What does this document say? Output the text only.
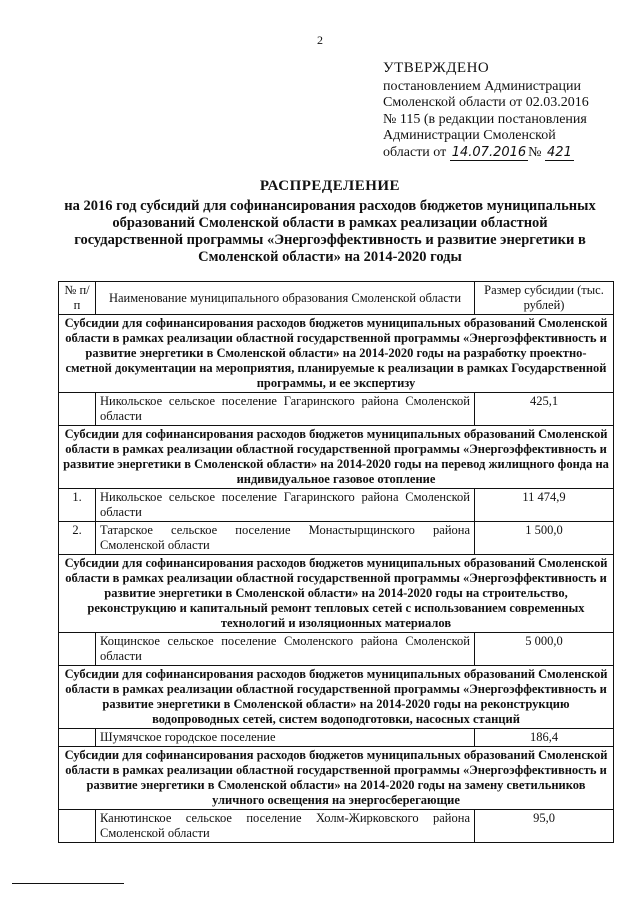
2
УТВЕРЖДЕНО
постановлением Администрации
Смоленской области от 02.03.2016
№ 115 (в редакции постановления
Администрации Смоленской
области от 14.07.2016 № 421
РАСПРЕДЕЛЕНИЕ
на 2016 год субсидий для софинансирования расходов бюджетов муниципальных образований Смоленской области в рамках реализации областной государственной программы «Энергоэффективность и развитие энергетики в Смоленской области» на 2014-2020 годы
№ п/п	Наименование муниципального образования Смоленской области	Размер субсидии (тыс. рублей)
Субсидии для софинансирования расходов бюджетов муниципальных образований Смоленской области в рамках реализации областной государственной программы «Энергоэффективность и развитие энергетики в Смоленской области» на 2014-2020 годы на разработку проектно-сметной документации на мероприятия, планируемые к реализации в рамках Государственной программы, и ее экспертизу		
	Никольское сельское поселение Гагаринского района Смоленской области	425,1
Субсидии для софинансирования расходов бюджетов муниципальных образований Смоленской области в рамках реализации областной государственной программы «Энергоэффективность и развитие энергетики в Смоленской области» на 2014-2020 годы на перевод жилищного фонда на индивидуальное газовое отопление		
1.	Никольское сельское поселение Гагаринского района Смоленской области	11 474,9
2.	Татарское сельское поселение Монастырщинского района Смоленской области	1 500,0
Субсидии для софинансирования расходов бюджетов муниципальных образований Смоленской области в рамках реализации областной государственной программы «Энергоэффективность и развитие энергетики в Смоленской области» на 2014-2020 годы на строительство, реконструкцию и капитальный ремонт тепловых сетей с использованием современных технологий и изоляционных материалов		
	Кощинское сельское поселение Смоленского района Смоленской области	5 000,0
Субсидии для софинансирования расходов бюджетов муниципальных образований Смоленской области в рамках реализации областной государственной программы «Энергоэффективность и развитие энергетики в Смоленской области» на 2014-2020 годы на реконструкцию водопроводных сетей, систем водоподготовки, насосных станций		
	Шумячское городское поселение	186,4
Субсидии для софинансирования расходов бюджетов муниципальных образований Смоленской области в рамках реализации областной государственной программы «Энергоэффективность и развитие энергетики в Смоленской области» на 2014-2020 годы на замену светильников уличного освещения на энергосберегающие		
	Канютинское сельское поселение Холм-Жирковского района Смоленской области	95,0
